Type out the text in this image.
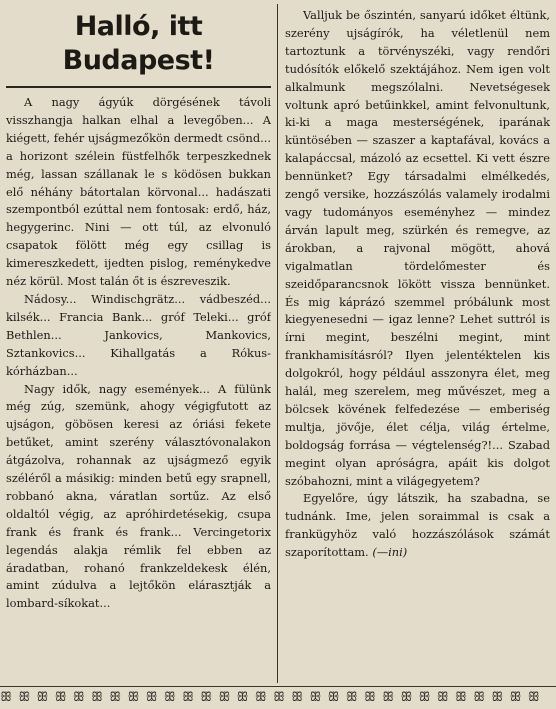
Halló, itt Budapest!

A nagy ágyúk dörgésének távoli visszhangja halkan elhal a levegőben... A kiégett, fehér ujságmezőkön dermedt csönd... a horizont szélein füstfelhők terpeszkednek még, lassan szállanak le s ködösen bukkan elő néhány bátortalan körvonal... hadászati szempontból ezúttal nem fontosak: erdő, ház, hegygerinc. Nini — ott túl, az elvonuló csapatok fölött még egy csillag is kimereszkedett, ijedten pislog, reménykedve néz körül. Most talán őt is észreveszik.

Nádosy... Windischgrätz... vádbeszéd... kilsék... Francia Bank... gróf Teleki... gróf Bethlen... Jankovics, Mankovics, Sztankovics... Kihallgatás a Rókus-kórházban...

Nagy idők, nagy események... A fülünk még zúg, szemünk, ahogy végigfutott az ujságon, göbösen keresi az óriási fekete betűket, amint szerény választóvonalakon átgázolva, rohannak az ujságmező egyik széléről a másikig: minden betű egy srapnell, robbanó akna, váratlan sortűz. Az első oldaltól végig, az apróhirdetésekig, csupa frank és frank és frank... Vercingetorix legendás alakja rémlik fel ebben az áradatban, rohanó frankzeldekesk élén, amint zúdulva a lejtőkön elárasztják a lombard-síkokat...

Valljuk be őszintén, sanyarú időket éltünk, szerény ujságírók, ha véletlenül nem tartoztunk a törvényszéki, vagy rendőri tudósítók előkelő szektájához. Nem igen volt alkalmunk megszólalni. Nevetségesek voltunk apró betűinkkel, amint felvonultunk, ki-ki a maga mesterségének, iparának küntösében — szaszer a kaptafával, kovács a kalapáccsal, mázoló az ecsettel. Ki vett észre bennünket? Egy társadalmi elmélkedés, zengő versike, hozzászólás valamely irodalmi vagy tudományos eseményhez — mindez árván lapult meg, szürkén és remegve, az árokban, a rajvonal mögött, ahová vigalmatlan tördelőmester és szeidőparancsnok lökött vissza bennünket. És mig káprázó szemmel próbálunk most kiegyenesedni — igaz lenne? Lehet suttról is írni megint, beszélni megint, mint frankhamisításról? Ilyen jelentéktelen kis dolgokról, hogy például asszonyra élet, meg halál, meg szerelem, meg művészet, meg a bölcsek kövének felfedezése — emberiség multja, jövője, élet célja, világ értelme, boldogság forrása — végtelenség?!... Szabad megint olyan apróságra, apáit kis dolgot szóbahozni, mint a világegyetem?

Egyelőre, úgy látszik, ha szabadna, se tudnánk. Ime, jelen soraimmal is csak a frankügyhöz való hozzászólások számát szaporítottam. (—ini)

ꕥ ꕥ ꕥ ꕥ ꕥ ꕥ ꕥ ꕥ ꕥ ꕥ ꕥ ꕥ ꕥ ꕥ ꕥ ꕥ ꕥ ꕥ ꕥ ꕥ ꕥ ꕥ ꕥ ꕥ ꕥ ꕥ ꕥ ꕥ ꕥ ꕥ
